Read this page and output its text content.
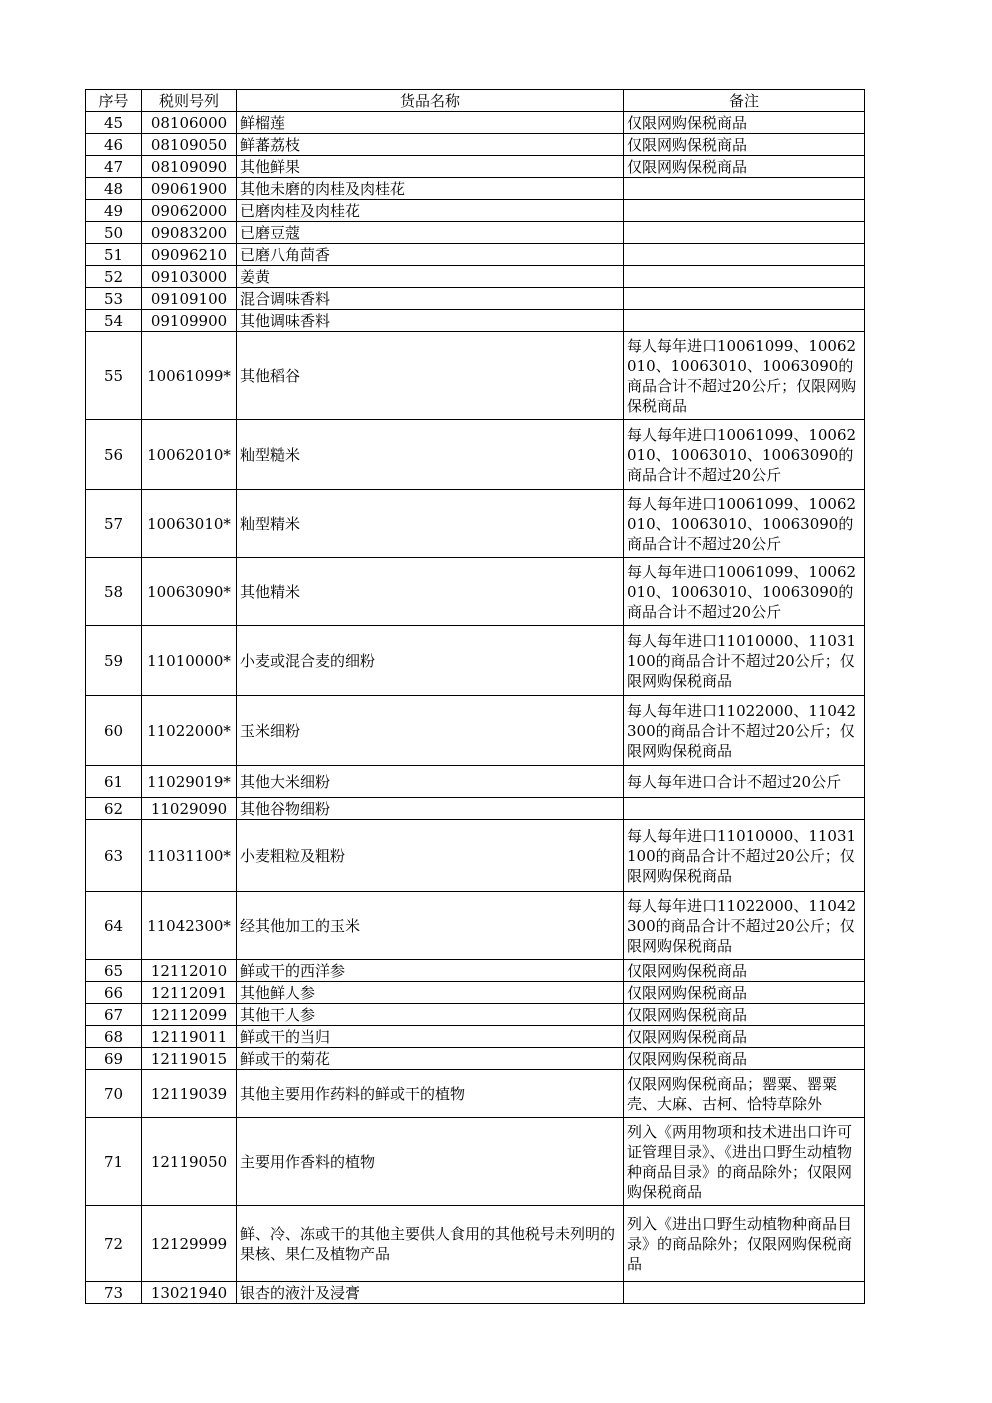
序号	税则号列	货品名称	备注
45	08106000	鲜榴莲	仅限网购保税商品
46	08109050	鲜蕃荔枝	仅限网购保税商品
47	08109090	其他鲜果	仅限网购保税商品
48	09061900	其他未磨的肉桂及肉桂花	
49	09062000	已磨肉桂及肉桂花	
50	09083200	已磨豆蔻	
51	09096210	已磨八角茴香	
52	09103000	姜黄	
53	09109100	混合调味香料	
54	09109900	其他调味香料	
55	10061099*	其他稻谷	每人每年进口10061099、10062010、10063010、10063090的商品合计不超过20公斤；仅限网购保税商品
56	10062010*	籼型糙米	每人每年进口10061099、10062010、10063010、10063090的商品合计不超过20公斤
57	10063010*	籼型精米	每人每年进口10061099、10062010、10063010、10063090的商品合计不超过20公斤
58	10063090*	其他精米	每人每年进口10061099、10062010、10063010、10063090的商品合计不超过20公斤
59	11010000*	小麦或混合麦的细粉	每人每年进口11010000、11031100的商品合计不超过20公斤；仅限网购保税商品
60	11022000*	玉米细粉	每人每年进口11022000、11042300的商品合计不超过20公斤；仅限网购保税商品
61	11029019*	其他大米细粉	每人每年进口合计不超过20公斤
62	11029090	其他谷物细粉	
63	11031100*	小麦粗粒及粗粉	每人每年进口11010000、11031100的商品合计不超过20公斤；仅限网购保税商品
64	11042300*	经其他加工的玉米	每人每年进口11022000、11042300的商品合计不超过20公斤；仅限网购保税商品
65	12112010	鲜或干的西洋参	仅限网购保税商品
66	12112091	其他鲜人参	仅限网购保税商品
67	12112099	其他干人参	仅限网购保税商品
68	12119011	鲜或干的当归	仅限网购保税商品
69	12119015	鲜或干的菊花	仅限网购保税商品
70	12119039	其他主要用作药料的鲜或干的植物	仅限网购保税商品；罂粟、罂粟壳、大麻、古柯、恰特草除外
71	12119050	主要用作香料的植物	列入《两用物项和技术进出口许可证管理目录》、《进出口野生动植物种商品目录》的商品除外；仅限网购保税商品
72	12129999	鲜、冷、冻或干的其他主要供人食用的其他税号未列明的果核、果仁及植物产品	列入《进出口野生动植物种商品目录》的商品除外；仅限网购保税商品
73	13021940	银杏的液汁及浸膏	
